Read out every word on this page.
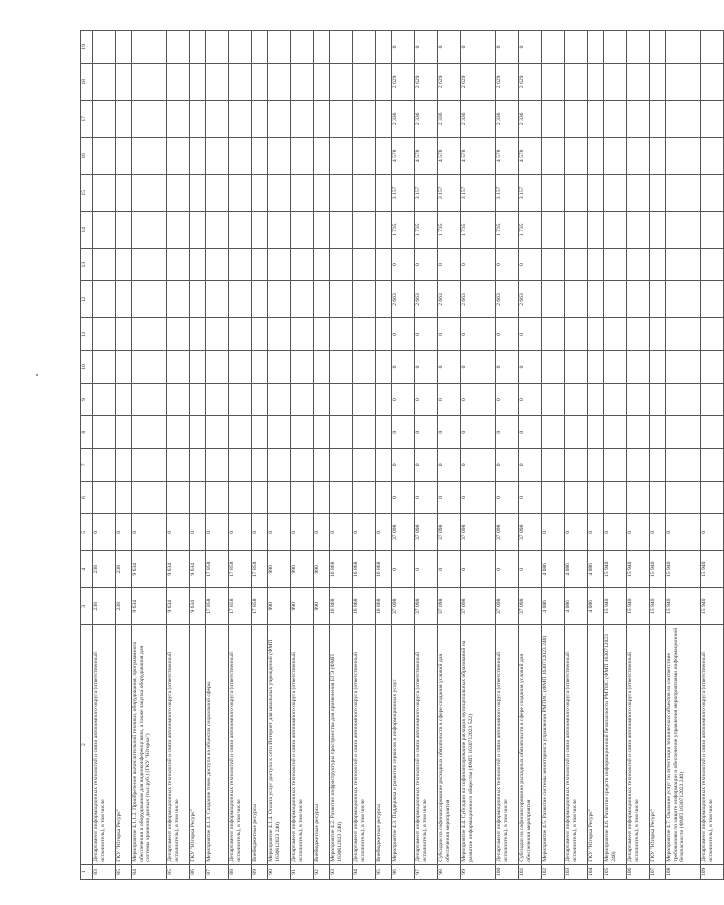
1	2	3	4	5	6	7	8	9	10	11	12	13	14	15	16	17	18	19
83	Департамент информационных технологий и связи автономного округа (ответственный исполнитель), в том числе	238	238	0														
85	ГКУ "Югорка Ресурс"	238	238	0														
84	Мероприятие 4.1.1.2. Приобретение вычислительной техники, оборудования, программного обеспечения и оборудования для видеоконференцсвязи, а также закупка оборудования для системы хранения данных (тыс.руб.) (ГКУ "Югорка")	9 634	9 634	0														
85	Департамент информационных технологий и связи автономного округа (ответственный исполнитель), в том числе	9 634	9 634	0														
86	ГКУ "Югорка Ресурс"	9 634	9 634	0														
87	Мероприятие 4.1.3. Создание точек доступа на объектах социальной сферы	17 858	17 858	0														
88	Департамент информационных технологий и связи автономного округа (ответственный исполнитель), в том числе	17 858	17 858	0														
89	Внебюджетные ресурсы	17 858	17 858	0														
90	Мероприятие 4.1.4. Оплата услуг доступа к сети Интернет для школьных учреждений (ФМП 1630612023 240)	990	990	0														
91	Департамент информационных технологий и связи автономного округа (ответственный исполнитель), в том числе	990	990	0														
92	Внебюджетные ресурсы	990	990	0														
93	Мероприятие 4.2. Развитие инфраструктуры пространства для применения ЕГЭ (ФМП 1630612023 240)	16 868	16 868	0														
94	Департамент информационных технологий и связи автономного округа (ответственный исполнитель), в том числе	16 868	16 868	0														
95	Внебюджетные ресурсы	16 868	16 868	0														
96	Мероприятие 4.3. Поддержка и развитие сервисов и информационных услуг	37 098	0	37 098	0	0	0	0	0	0	2 663	0	1 735	3 157	4 578	2 336	2 629	0
97	Департамент информационных технологий и связи автономного округа (ответственный исполнитель), в том числе	37 098	0	37 098	0	0	0	0	0	0	2 663	0	1 735	3 157	4 578	2 336	2 629	0
98	Субсидии на софинансирование расходных обязательств в сфере создания условий для обеспечения мероприятия	37 098	0	37 098	0	0	0	0	0	0	2 663	0	1 735	3 157	4 578	2 336	2 629	0
99	Мероприятие 4.4. Субсидии на софинансирование расходов муниципальных образований на развитие информационного общества (ФМП 1630712023 522)	37 098	0	37 098	0	0	0	0	0	0	2 663	0	1 735	3 157	4 578	2 336	2 629	0
100	Департамент информационных технологий и связи автономного округа (ответственный исполнитель), в том числе	37 098	0	37 098	0	0	0	0	0	0	2 663	0	1 735	3 157	4 578	2 336	2 629	0
101	Субсидии на софинансирование расходных обязательств в сфере создания условий для обеспечения мероприятия	37 098	0	37 098	0	0	0	0	0	0	2 663	0	1 735	3 157	4 578	2 336	2 629	0
102	Мероприятие 4.5. Развитие системы мониторинга управления РМТИС (ФМП 1630712023 240)	4 086	4 086	0														
103	Департамент информационных технологий и связи автономного округа (ответственный исполнитель), в том числе	4 086	4 086	0														
104	ГКУ "Югорка Ресурс"	4 086	4 086	0														
105	Мероприятие 4.6. Развитие средств информационной безопасности РМТИС (ФМП 1630712023 240)	15 940	15 940	0														
106	Департамент информационных технологий и связи автономного округа (ответственный исполнитель), в том числе	15 940	15 940	0														
107	ГКУ "Югорка Ресурс"	15 940	15 940	0														
108	Мероприятие 4.7. Оказание услуг по аттестации технических объектов на соответствие требованиям по защите информации и обеспечение управления мероприятиями информационной безопасности (ФМП 1630712023 240)	15 940	15 940	0														
109	Департамент информационных технологий и связи автономного округа (ответственный исполнитель), в том числе	15 940	15 940	0														
